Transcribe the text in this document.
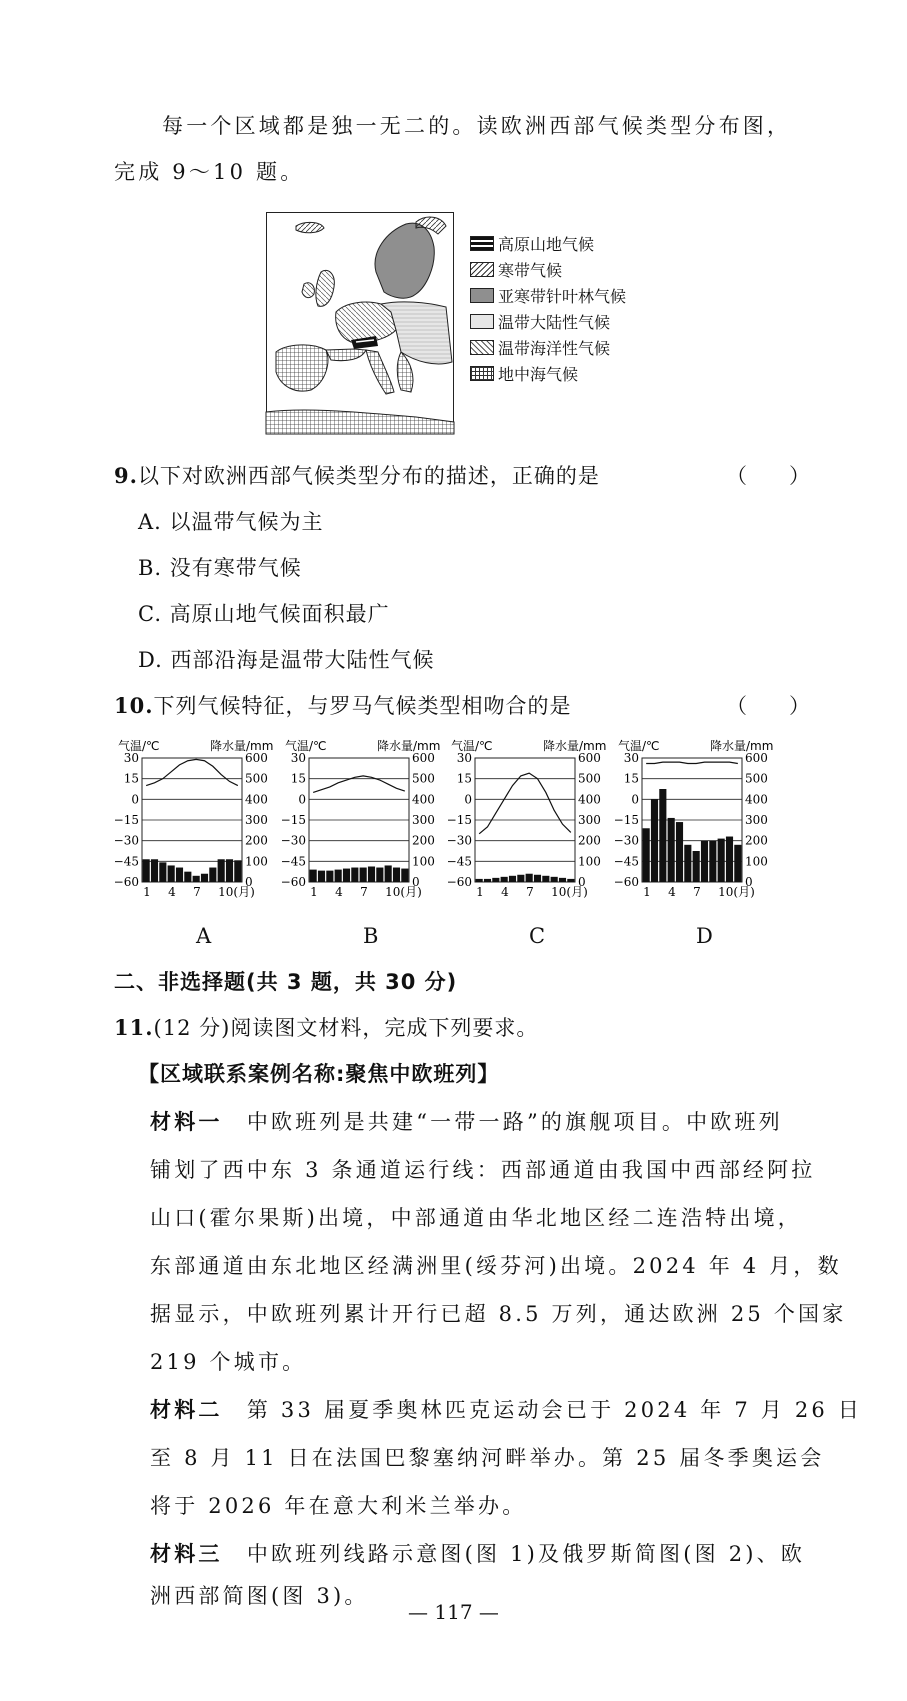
每一个区域都是独一无二的。读欧洲西部气候类型分布图，
完成 9～10 题。
高原山地气候
寒带气候
亚寒带针叶林气候
温带大陆性气候
温带海洋性气候
地中海气候
9.以下对欧洲西部气候类型分布的描述，正确的是	（　　）
A. 以温带气候为主
B. 没有寒带气候
C. 高原山地气候面积最广
D. 西部沿海是温带大陆性气候
10.下列气候特征，与罗马气候类型相吻合的是	（　　）
气温/℃	降水量/mm
30	600
15	500
0	400
−15	300
−30	200
−45	100
−60	0
1 4 7 10(月)
气温/℃	降水量/mm
30	600
15	500
0	400
−15	300
−30	200
−45	100
−60	0
1 4 7 10(月)
气温/℃	降水量/mm
30	600
15	500
0	400
−15	300
−30	200
−45	100
−60	0
1 4 7 10(月)
气温/℃	降水量/mm
30	600
15	500
0	400
−15	300
−30	200
−45	100
−60	0
1 4 7 10(月)
A	B	C	D
二、非选择题(共 3 题，共 30 分)
11.(12 分)阅读图文材料，完成下列要求。
【区域联系案例名称:聚焦中欧班列】
材料一　 中欧班列是共建“一带一路”的旗舰项目。中欧班列
铺划了西中东 3 条通道运行线：西部通道由我国中西部经阿拉
山口(霍尔果斯)出境，中部通道由华北地区经二连浩特出境，
东部通道由东北地区经满洲里(绥芬河)出境。2024 年 4 月，数
据显示，中欧班列累计开行已超 8.5 万列，通达欧洲 25 个国家
219 个城市。
材料二　 第 33 届夏季奥林匹克运动会已于 2024 年 7 月 26 日
至 8 月 11 日在法国巴黎塞纳河畔举办。第 25 届冬季奥运会
将于 2026 年在意大利米兰举办。
材料三　 中欧班列线路示意图(图 1)及俄罗斯简图(图 2)、欧
洲西部简图(图 3)。
— 117 —
